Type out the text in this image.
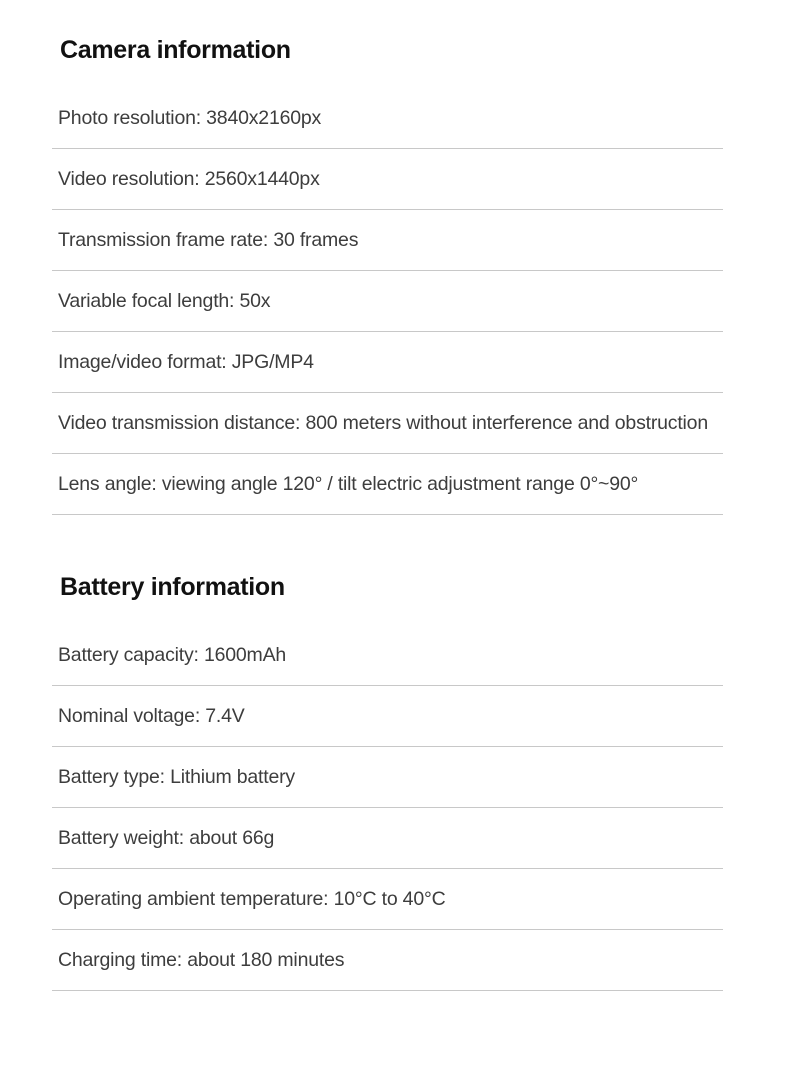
Camera information
Photo resolution: 3840x2160px
Video resolution: 2560x1440px
Transmission frame rate: 30 frames
Variable focal length: 50x
Image/video format: JPG/MP4
Video transmission distance: 800 meters without interference and obstruction
Lens angle: viewing angle 120° / tilt electric adjustment range 0°~90°
Battery information
Battery capacity: 1600mAh
Nominal voltage: 7.4V
Battery type: Lithium battery
Battery weight: about 66g
Operating ambient temperature: 10°C to 40°C
Charging time: about 180 minutes
